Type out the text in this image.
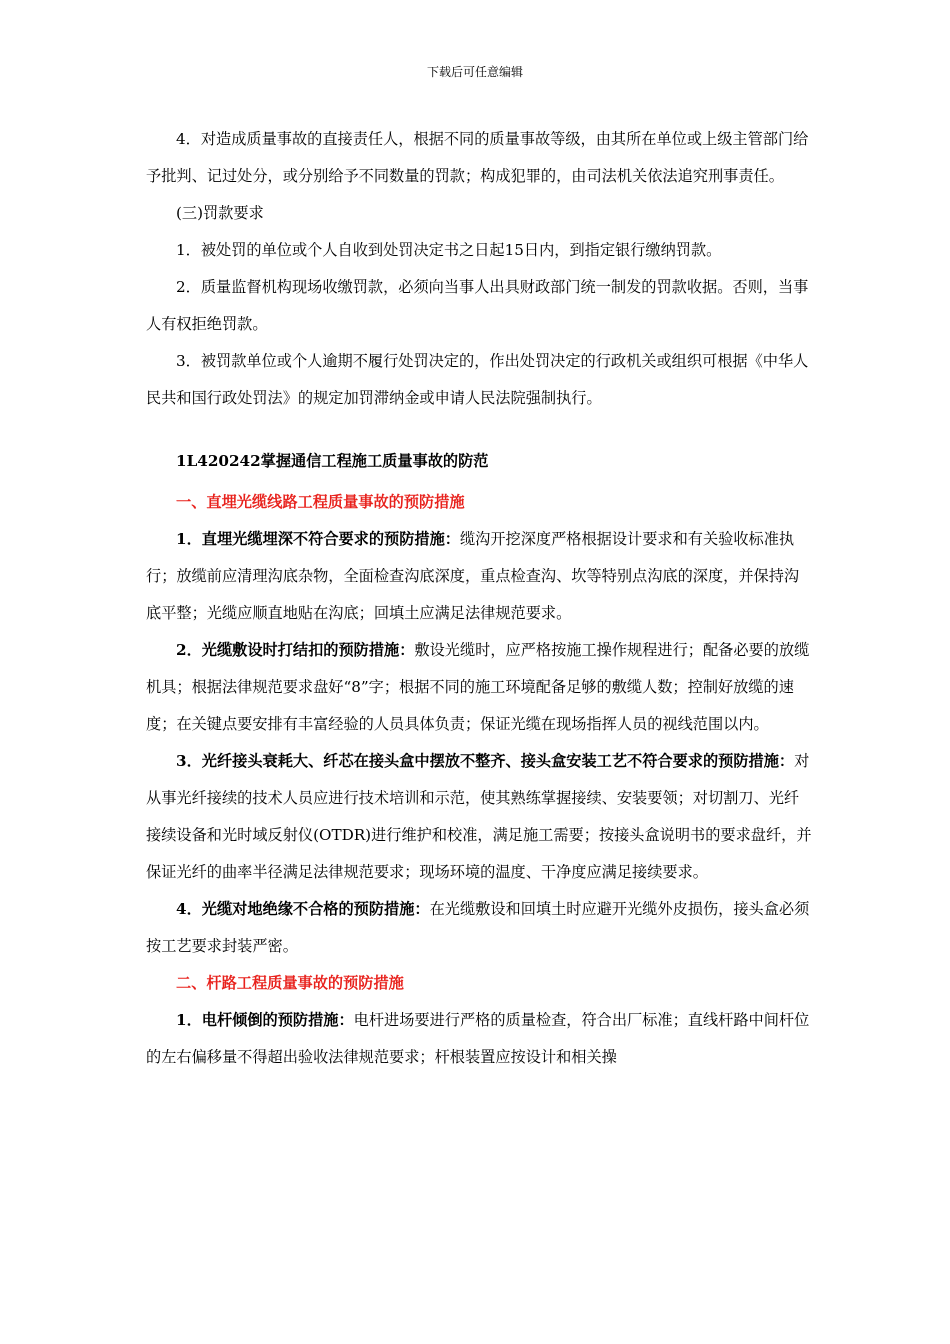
下载后可任意编辑

4．对造成质量事故的直接责任人，根据不同的质量事故等级，由其所在单位或上级主管部门给予批判、记过处分，或分别给予不同数量的罚款；构成犯罪的，由司法机关依法追究刑事责任。

(三)罚款要求

1．被处罚的单位或个人自收到处罚决定书之日起15日内，到指定银行缴纳罚款。

2．质量监督机构现场收缴罚款，必须向当事人出具财政部门统一制发的罚款收据。否则，当事人有权拒绝罚款。

3．被罚款单位或个人逾期不履行处罚决定的，作出处罚决定的行政机关或组织可根据《中华人民共和国行政处罚法》的规定加罚滞纳金或申请人民法院强制执行。

1L420242掌握通信工程施工质量事故的防范

一、直埋光缆线路工程质量事故的预防措施

1．直埋光缆埋深不符合要求的预防措施：缆沟开挖深度严格根据设计要求和有关验收标准执行；放缆前应清理沟底杂物，全面检查沟底深度，重点检查沟、坎等特别点沟底的深度，并保持沟底平整；光缆应顺直地贴在沟底；回填土应满足法律规范要求。

2．光缆敷设时打结扣的预防措施：敷设光缆时，应严格按施工操作规程进行；配备必要的放缆机具；根据法律规范要求盘好“8”字；根据不同的施工环境配备足够的敷缆人数；控制好放缆的速度；在关键点要安排有丰富经验的人员具体负责；保证光缆在现场指挥人员的视线范围以内。

3．光纤接头衰耗大、纤芯在接头盒中摆放不整齐、接头盒安装工艺不符合要求的预防措施：对从事光纤接续的技术人员应进行技术培训和示范，使其熟练掌握接续、安装要领；对切割刀、光纤接续设备和光时域反射仪(OTDR)进行维护和校准，满足施工需要；按接头盒说明书的要求盘纤，并保证光纤的曲率半径满足法律规范要求；现场环境的温度、干净度应满足接续要求。

4．光缆对地绝缘不合格的预防措施：在光缆敷设和回填土时应避开光缆外皮损伤，接头盒必须按工艺要求封装严密。

二、杆路工程质量事故的预防措施

1．电杆倾倒的预防措施：电杆进场要进行严格的质量检查，符合出厂标准；直线杆路中间杆位的左右偏移量不得超出验收法律规范要求；杆根装置应按设计和相关操
